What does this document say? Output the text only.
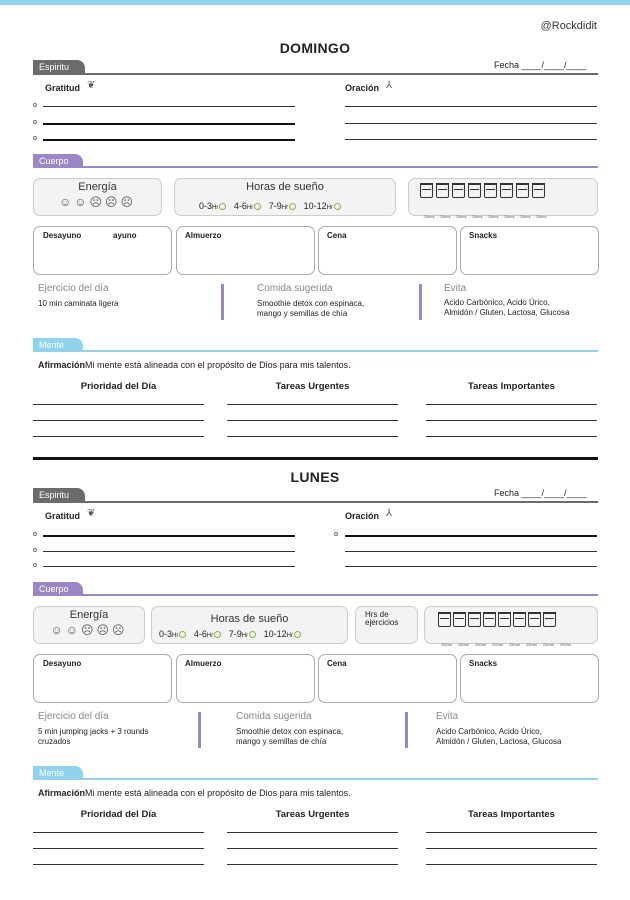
@Rockdidit
DOMINGO
Espiritu	Fecha ____/____/____
Gratitud ❦	Oración ⅄
Cuerpo
Energía
☺☺☹☹☹
Horas de sueño
0-3Hr 4-6Hr 7-9Hr 10-12Hr
250ml 250ml 250ml 250ml 250ml 250ml 250ml 250ml
Desayuno	ayuno	Almuerzo	Cena	Snacks
Ejercicio del día
10 min caminata ligera
Comida sugerida
Smoothie detox con espinaca,
mango y semillas de chía
Evita
Acido Carbónico, Acido Úrico,
Almidón / Gluten, Lactosa, Glucosa
Mente
AfirmaciónMi mente está alineada con el propósito de Dios para mis talentos.
Prioridad del Día	Tareas Urgentes	Tareas Importantes
LUNES
Espiritu	Fecha ____/____/____
Gratitud ❦	Oración ⅄
Cuerpo
Energía
☺☺☹☹☹
Horas de sueño
0-3Hr 4-6Hr 7-9Hr 10-12Hr
Hrs de ejercicios
250ml 250ml 250ml 250ml 250ml 250ml 250ml 250ml
Desayuno	Almuerzo	Cena	Snacks
Ejercicio del día
5 min jumping jacks + 3 rounds
cruzados
Comida sugerida
Smoothie detox con espinaca,
mango y semillas de chía
Evita
Acido Carbónico, Acido Úrico,
Almidón / Gluten, Lactosa, Glucosa
Mente
AfirmaciónMi mente está alineada con el propósito de Dios para mis talentos.
Prioridad del Día	Tareas Urgentes	Tareas Importantes
